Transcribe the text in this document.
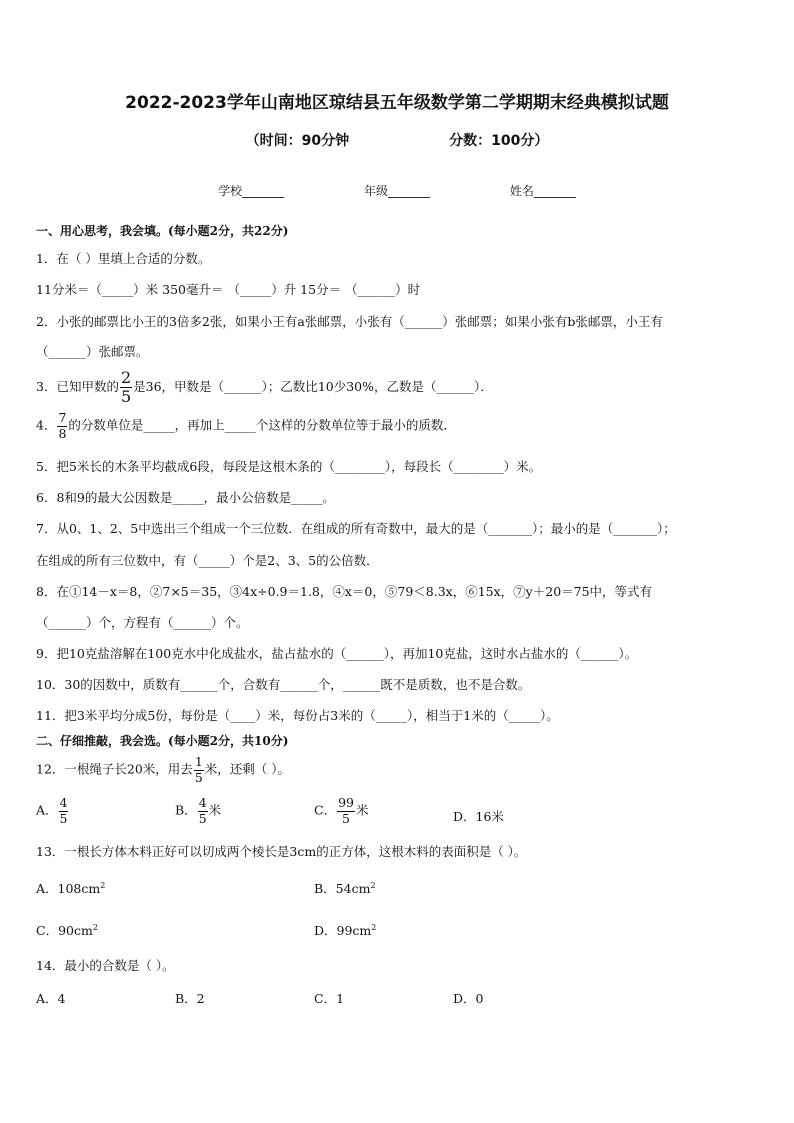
2022-2023学年山南地区琼结县五年级数学第二学期期末经典模拟试题
（时间：90分钟	分数：100分）
学校_______	年级_______	姓名_______
一、用心思考，我会填。(每小题2分，共22分)
1．在（ ）里填上合适的分数。
11分米＝（_____）米 350毫升＝ （_____）升 15分＝ （______）时
2．小张的邮票比小王的3倍多2张，如果小王有a张邮票，小张有（______）张邮票；如果小张有b张邮票，小王有
（______）张邮票。
3．已知甲数的 $\frac{2}{5}$ 是36，甲数是（______）；乙数比10少30%，乙数是（______）．
4． $\frac{7}{8}$ 的分数单位是_____，再加上_____个这样的分数单位等于最小的质数．
5．把5米长的木条平均截成6段，每段是这根木条的（________），每段长（________）米。
6．8和9的最大公因数是_____，最小公倍数是_____。
7．从0、1、2、5中选出三个组成一个三位数．在组成的所有奇数中，最大的是（_______）；最小的是（_______）；
在组成的所有三位数中，有（_____）个是2、3、5的公倍数．
8．在①14－x＝8，②7×5＝35，③4x÷0.9＝1.8，④x＝0，⑤79＜8.3x，⑥15x，⑦y＋20＝75中，等式有
（______）个，方程有（______）个。
9．把10克盐溶解在100克水中化成盐水，盐占盐水的（______），再加10克盐，这时水占盐水的（______）。
10．30的因数中，质数有______个，合数有______个，______既不是质数，也不是合数。
11．把3米平均分成5份，每份是（____）米，每份占3米的（_____），相当于1米的（_____）。
二、仔细推敲，我会选。(每小题2分，共10分)
12．一根绳子长20米，用去 $\frac{1}{5}$ 米，还剩（ ）。
A． $\frac{4}{5}$	B． $\frac{4}{5}$ 米	C． $\frac{99}{5}$ 米	D．16米
13．一根长方体木料正好可以切成两个棱长是3cm的正方体，这根木料的表面积是（ ）。
A．$108cm^2$	B．$54cm^2$
C．$90cm^2$	D．$99cm^2$
14．最小的合数是（ ）。
A．4	B．2	C．1	D．0
